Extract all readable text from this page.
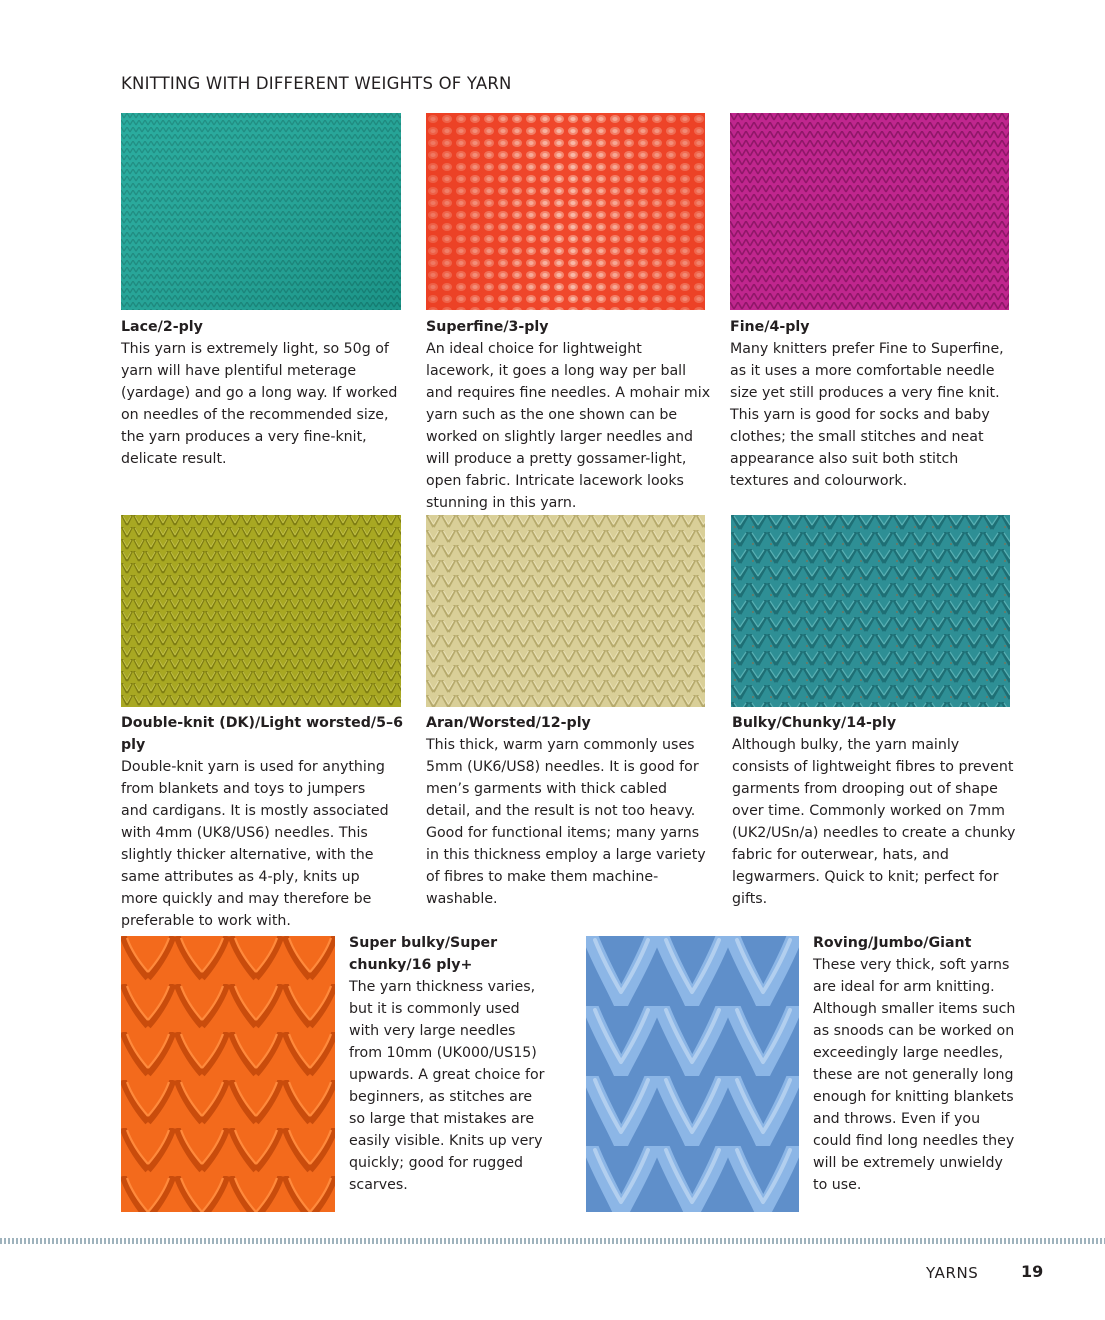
KNITTING WITH DIFFERENT WEIGHTS OF YARN
Lace/2-ply
This yarn is extremely light, so 50g of yarn will have plentiful meterage (yardage) and go a long way. If worked on needles of the recommended size, the yarn produces a very fine-knit, delicate result.
Superfine/3-ply
An ideal choice for lightweight lacework, it goes a long way per ball and requires fine needles. A mohair mix yarn such as the one shown can be worked on slightly larger needles and will produce a pretty gossamer-light, open fabric. Intricate lacework looks stunning in this yarn.
Fine/4-ply
Many knitters prefer Fine to Superfine, as it uses a more comfortable needle size yet still produces a very fine knit. This yarn is good for socks and baby clothes; the small stitches and neat appearance also suit both stitch textures and colourwork.
Double-knit (DK)/Light worsted/5–6 ply
Double-knit yarn is used for anything from blankets and toys to jumpers and cardigans. It is mostly associated with 4mm (UK8/US6) needles. This slightly thicker alternative, with the same attributes as 4-ply, knits up more quickly and may therefore be preferable to work with.
Aran/Worsted/12-ply
This thick, warm yarn commonly uses 5mm (UK6/US8) needles. It is good for men’s garments with thick cabled detail, and the result is not too heavy. Good for functional items; many yarns in this thickness employ a large variety of fibres to make them machine-washable.
Bulky/Chunky/14-ply
Although bulky, the yarn mainly consists of lightweight fibres to prevent garments from drooping out of shape over time. Commonly worked on 7mm (UK2/USn/a) needles to create a chunky fabric for outerwear, hats, and legwarmers. Quick to knit; perfect for gifts.
Super bulky/Super chunky/16 ply+
The yarn thickness varies, but it is commonly used with very large needles from 10mm (UK000/US15) upwards. A great choice for beginners, as stitches are so large that mistakes are easily visible. Knits up very quickly; good for rugged scarves.
Roving/Jumbo/Giant
These very thick, soft yarns are ideal for arm knitting. Although smaller items such as snoods can be worked on exceedingly large needles, these are not generally long enough for knitting blankets and throws. Even if you could find long needles they will be extremely unwieldy to use.
YARNS	19
